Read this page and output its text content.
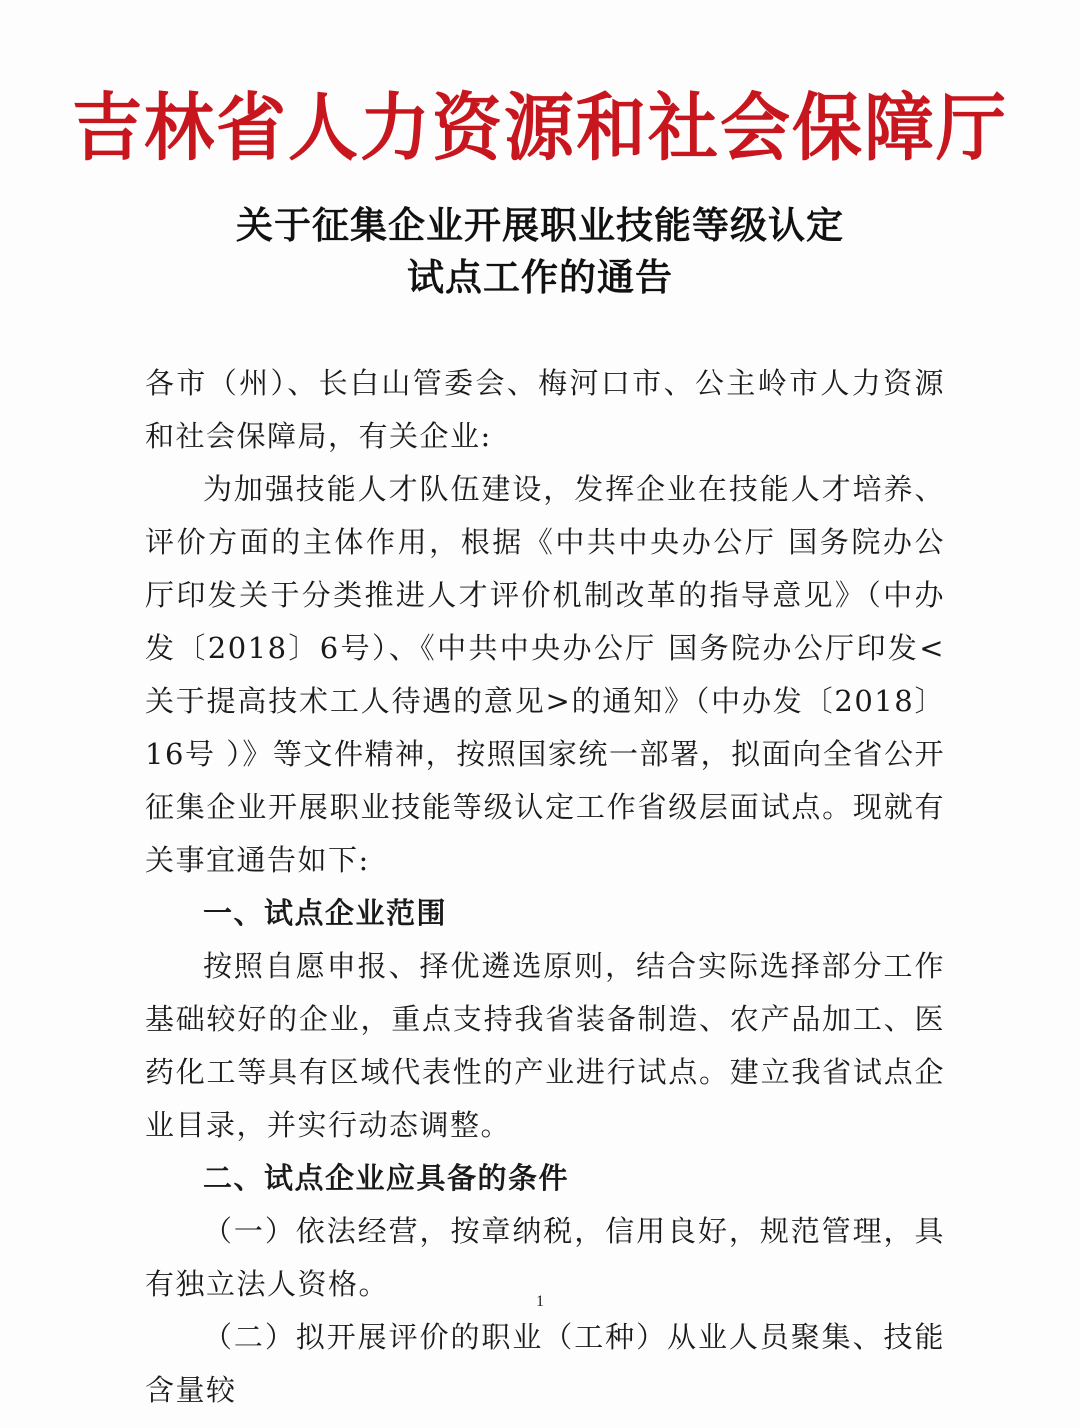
吉林省人力资源和社会保障厅
关于征集企业开展职业技能等级认定
试点工作的通告

各市（州）、长白山管委会、梅河口市、公主岭市人力资源和社会保障局，有关企业:

为加强技能人才队伍建设，发挥企业在技能人才培养、评价方面的主体作用，根据《中共中央办公厅 国务院办公厅印发关于分类推进人才评价机制改革的指导意见》（中办发〔2018〕6号）、《中共中央办公厅 国务院办公厅印发<关于提高技术工人待遇的意见>的通知》（中办发〔2018〕16号 ）》等文件精神，按照国家统一部署，拟面向全省公开征集企业开展职业技能等级认定工作省级层面试点。现就有关事宜通告如下:

一、试点企业范围

按照自愿申报、择优遴选原则，结合实际选择部分工作基础较好的企业，重点支持我省装备制造、农产品加工、医药化工等具有区域代表性的产业进行试点。建立我省试点企业目录，并实行动态调整。

二、试点企业应具备的条件

（一）依法经营，按章纳税，信用良好，规范管理，具有独立法人资格。

（二）拟开展评价的职业（工种）从业人员聚集、技能含量较

1
